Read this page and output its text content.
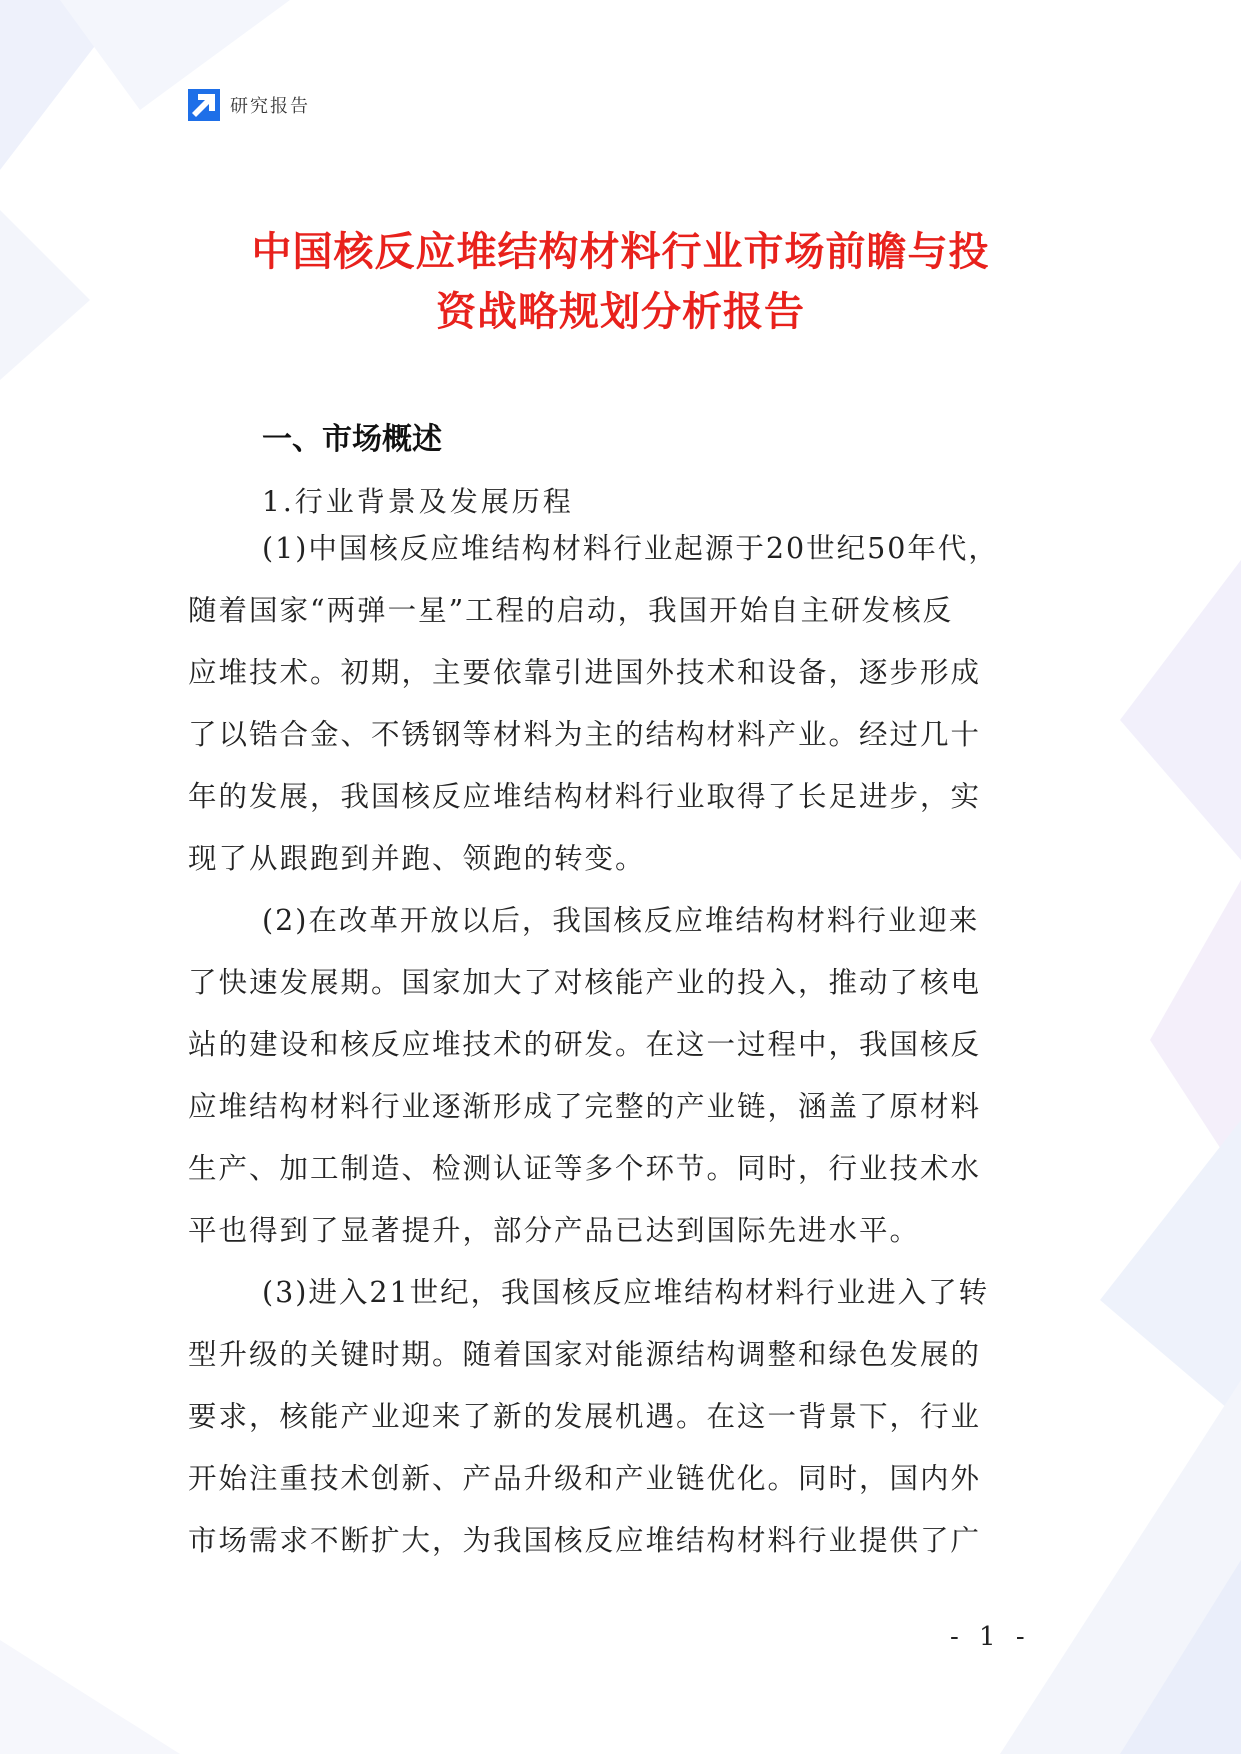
研究报告
中国核反应堆结构材料行业市场前瞻与投
资战略规划分析报告
一、市场概述
1.行业背景及发展历程
(1)中国核反应堆结构材料行业起源于20世纪50年代，
随着国家“两弹一星”工程的启动，我国开始自主研发核反
应堆技术。初期，主要依靠引进国外技术和设备，逐步形成
了以锆合金、不锈钢等材料为主的结构材料产业。经过几十
年的发展，我国核反应堆结构材料行业取得了长足进步，实
现了从跟跑到并跑、领跑的转变。
(2)在改革开放以后，我国核反应堆结构材料行业迎来
了快速发展期。国家加大了对核能产业的投入，推动了核电
站的建设和核反应堆技术的研发。在这一过程中，我国核反
应堆结构材料行业逐渐形成了完整的产业链，涵盖了原材料
生产、加工制造、检测认证等多个环节。同时，行业技术水
平也得到了显著提升，部分产品已达到国际先进水平。
(3)进入21世纪，我国核反应堆结构材料行业进入了转
型升级的关键时期。随着国家对能源结构调整和绿色发展的
要求，核能产业迎来了新的发展机遇。在这一背景下，行业
开始注重技术创新、产品升级和产业链优化。同时，国内外
市场需求不断扩大，为我国核反应堆结构材料行业提供了广
- 1 -
